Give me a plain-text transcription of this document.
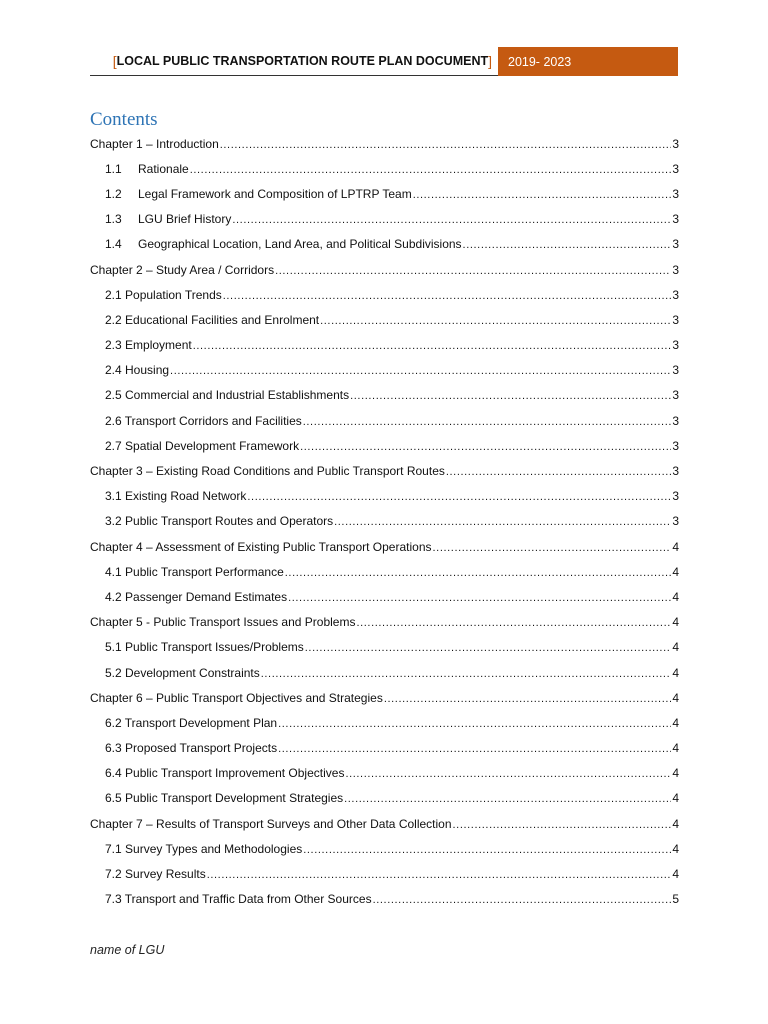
[ LOCAL PUBLIC TRANSPORTATION ROUTE PLAN DOCUMENT ] 2019- 2023
Contents
Chapter 1 – Introduction .....	3
1.1	Rationale .....	3
1.2	Legal Framework and Composition of LPTRP Team .....	3
1.3	LGU Brief History .....	3
1.4	Geographical Location, Land Area, and Political Subdivisions .....	3
Chapter 2 – Study Area / Corridors .....	3
2.1 Population Trends .....	3
2.2 Educational Facilities and Enrolment .....	3
2.3 Employment .....	3
2.4 Housing .....	3
2.5 Commercial and Industrial Establishments .....	3
2.6 Transport Corridors and Facilities .....	3
2.7 Spatial Development Framework .....	3
Chapter 3 – Existing Road Conditions and Public Transport Routes .....	3
3.1 Existing Road Network .....	3
3.2 Public Transport Routes and Operators .....	3
Chapter 4 – Assessment of Existing Public Transport Operations .....	4
4.1 Public Transport Performance .....	4
4.2 Passenger Demand Estimates .....	4
Chapter 5 - Public Transport Issues and Problems .....	4
5.1 Public Transport Issues/Problems .....	4
5.2 Development Constraints .....	4
Chapter 6 – Public Transport Objectives and Strategies .....	4
6.2 Transport Development Plan .....	4
6.3 Proposed Transport Projects .....	4
6.4 Public Transport Improvement Objectives .....	4
6.5 Public Transport Development Strategies .....	4
Chapter 7 – Results of Transport Surveys and Other Data Collection .....	4
7.1 Survey Types and Methodologies .....	4
7.2 Survey Results .....	4
7.3 Transport and Traffic Data from Other Sources .....	5
name of LGU
